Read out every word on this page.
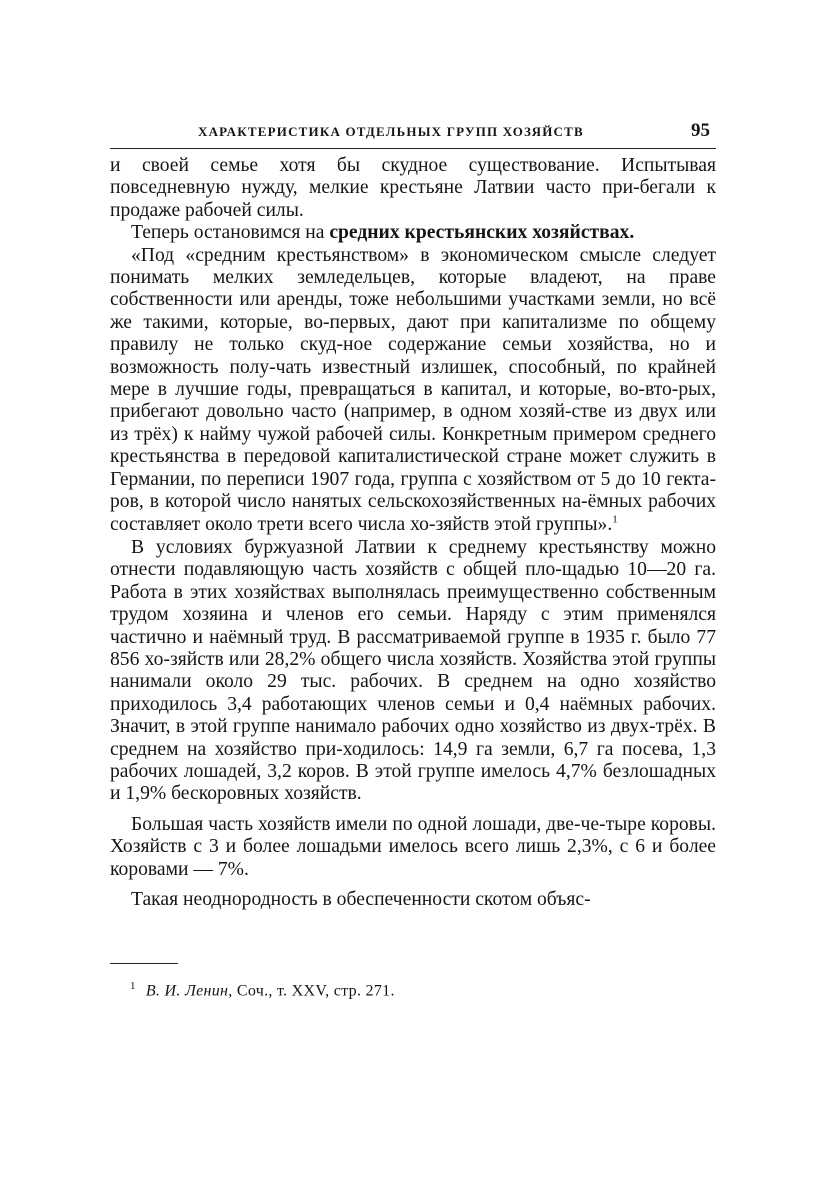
ХАРАКТЕРИСТИКА ОТДЕЛЬНЫХ ГРУПП ХОЗЯЙСТВ	95

и своей семье хотя бы скудное существование. Испытывая повседневную нужду, мелкие крестьяне Латвии часто при-бегали к продаже рабочей силы.

Теперь остановимся на средних крестьянских хозяйствах.

«Под «средним крестьянством» в экономическом смысле следует понимать мелких земледельцев, которые владеют, на праве собственности или аренды, тоже небольшими участками земли, но всё же такими, которые, во-первых, дают при капитализме по общему правилу не только скуд-ное содержание семьи хозяйства, но и возможность полу-чать известный излишек, способный, по крайней мере в лучшие годы, превращаться в капитал, и которые, во-вто-рых, прибегают довольно часто (например, в одном хозяй-стве из двух или из трёх) к найму чужой рабочей силы. Конкретным примером среднего крестьянства в передовой капиталистической стране может служить в Германии, по переписи 1907 года, группа с хозяйством от 5 до 10 гекта-ров, в которой число нанятых сельскохозяйственных на-ёмных рабочих составляет около трети всего числа хо-зяйств этой группы».$^1$

В условиях буржуазной Латвии к среднему крестьянству можно отнести подавляющую часть хозяйств с общей пло-щадью 10—20 га. Работа в этих хозяйствах выполнялась преимущественно собственным трудом хозяина и членов его семьи. Наряду с этим применялся частично и наёмный труд. В рассматриваемой группе в 1935 г. было 77 856 хо-зяйств или 28,2% общего числа хозяйств. Хозяйства этой группы нанимали около 29 тыс. рабочих. В среднем на одно хозяйство приходилось 3,4 работающих членов семьи и 0,4 наёмных рабочих. Значит, в этой группе нанимало рабочих одно хозяйство из двух-трёх. В среднем на хозяйство при-ходилось: 14,9 га земли, 6,7 га посева, 1,3 рабочих лошадей, 3,2 коров. В этой группе имелось 4,7% безлошадных и 1,9% бескоровных хозяйств.

Большая часть хозяйств имели по одной лошади, две-че-тыре коровы. Хозяйств с 3 и более лошадьми имелось всего лишь 2,3%, с 6 и более коровами — 7%.

Такая неоднородность в обеспеченности скотом объяс-

$^1$ В. И. Ленин, Соч., т. XXV, стр. 271.
